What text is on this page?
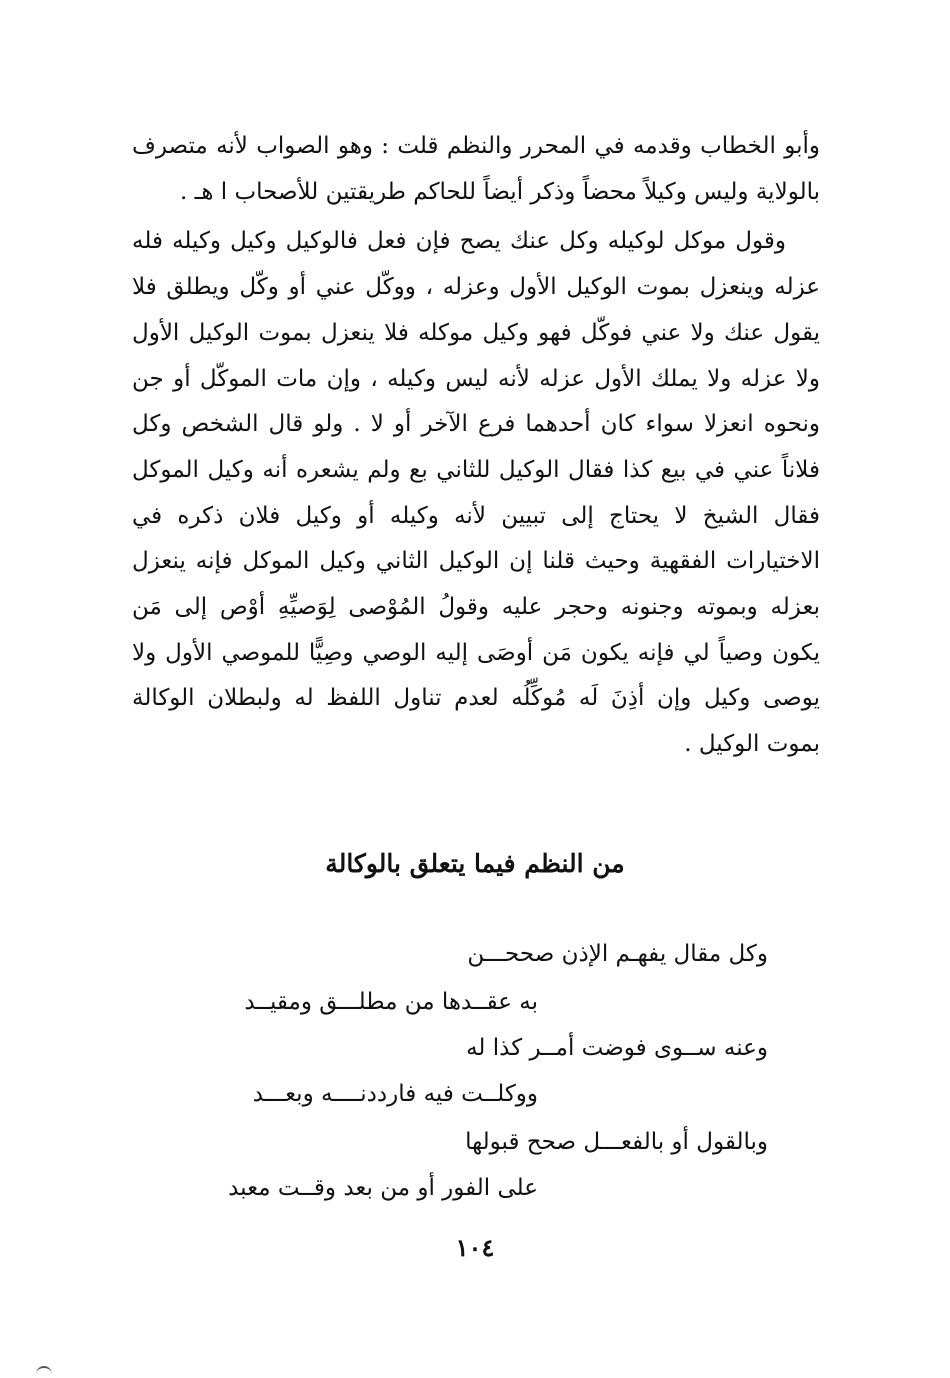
وأبو الخطاب وقدمه في المحرر والنظم قلت : وهو الصواب لأنه متصرف بالولاية وليس وكيلاً محضاً وذكر أيضاً للحاكم طريقتين للأصحاب ا هـ .

وقول موكل لوكيله وكل عنك يصح فإن فعل فالوكيل وكيل وكيله فله عزله وينعزل بموت الوكيل الأول وعزله ، ووكّل عني أو وكّل ويطلق فلا يقول عنك ولا عني فوكّل فهو وكيل موكله فلا ينعزل بموت الوكيل الأول ولا عزله ولا يملك الأول عزله لأنه ليس وكيله ، وإن مات الموكّل أو جن ونحوه انعزلا سواء كان أحدهما فرع الآخر أو لا . ولو قال الشخص وكل فلاناً عني في بيع كذا فقال الوكيل للثاني بع ولم يشعره أنه وكيل الموكل فقال الشيخ لا يحتاج إلى تبيين لأنه وكيله أو وكيل فلان ذكره في الاختيارات الفقهية وحيث قلنا إن الوكيل الثاني وكيل الموكل فإنه ينعزل بعزله وبموته وجنونه وحجر عليه وقولُ المُوْصى لِوَصيِّهِ أوْص إلى مَن يكون وصياً لي فإنه يكون مَن أوصَى إليه الوصي وصِيًّا للموصي الأول ولا يوصى وكيل وإن أذِنَ لَه مُوكِّلُه لعدم تناول اللفظ له ولبطلان الوكالة بموت الوكيل .

من النظم فيما يتعلق بالوكالة
وكل مقال يفهـم الإذن صححـــن
به عقــدها من مطلـــق ومقيــد
وعنه ســوى فوضت أمــر كذا له
ووكلــت فيه فارددنــــه وبعـــد
وبالقول أو بالفعـــل صحح قبولها
على الفور أو من بعد وقــت معبد
١٠٤
